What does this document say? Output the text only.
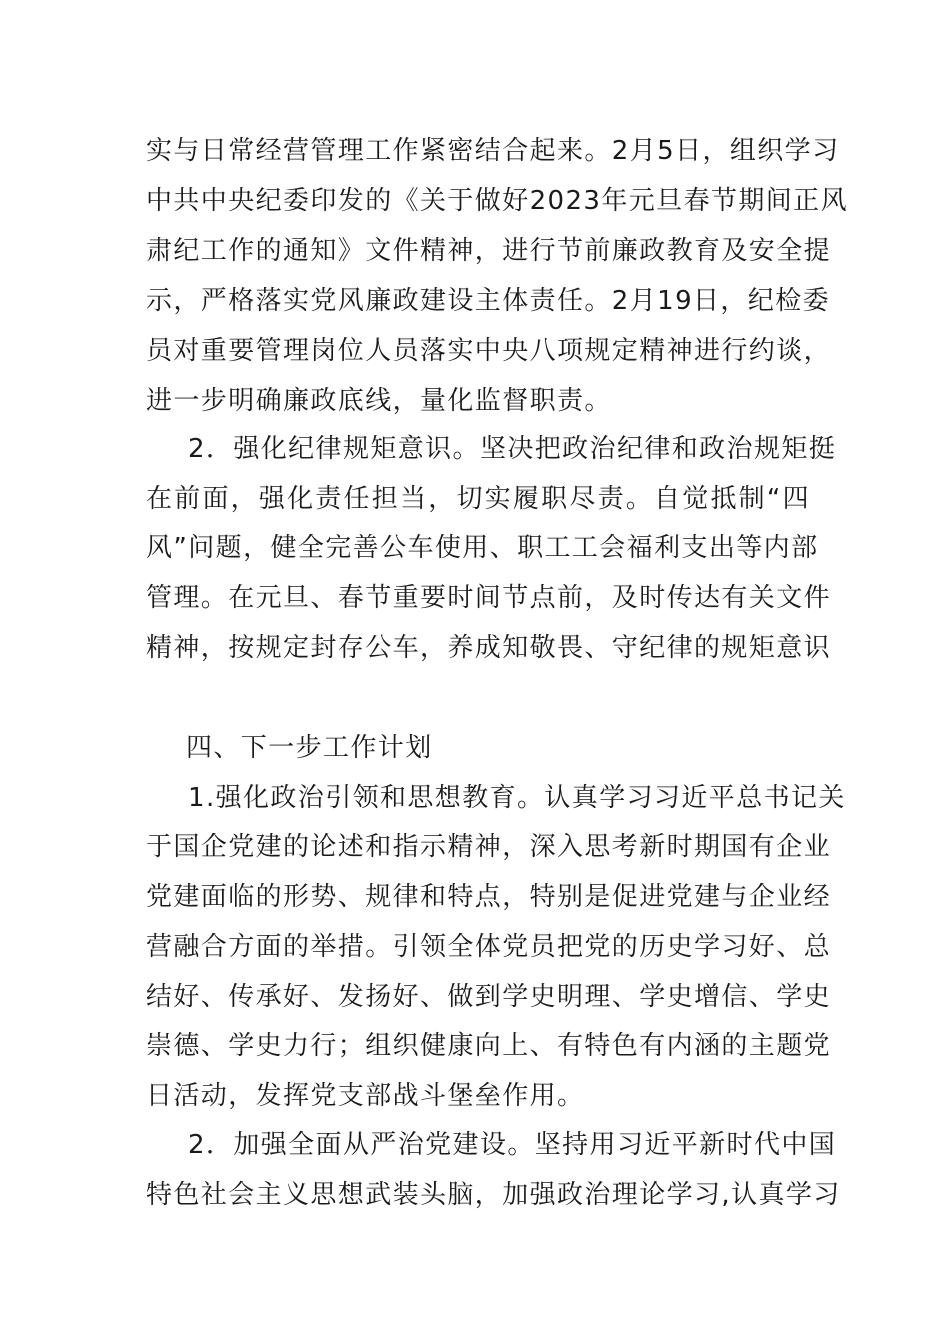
实与日常经营管理工作紧密结合起来。2月5日，组织学习
中共中央纪委印发的《关于做好2023年元旦春节期间正风
肃纪工作的通知》文件精神，进行节前廉政教育及安全提
示，严格落实党风廉政建设主体责任。2月19日，纪检委
员对重要管理岗位人员落实中央八项规定精神进行约谈，
进一步明确廉政底线，量化监督职责。
2．强化纪律规矩意识。坚决把政治纪律和政治规矩挺
在前面，强化责任担当，切实履职尽责。自觉抵制“四
风”问题，健全完善公车使用、职工工会福利支出等内部
管理。在元旦、春节重要时间节点前，及时传达有关文件
精神，按规定封存公车，养成知敬畏、守纪律的规矩意识
四、下一步工作计划
1.强化政治引领和思想教育。认真学习习近平总书记关
于国企党建的论述和指示精神，深入思考新时期国有企业
党建面临的形势、规律和特点，特别是促进党建与企业经
营融合方面的举措。引领全体党员把党的历史学习好、总
结好、传承好、发扬好、做到学史明理、学史增信、学史
崇德、学史力行；组织健康向上、有特色有内涵的主题党
日活动，发挥党支部战斗堡垒作用。
2．加强全面从严治党建设。坚持用习近平新时代中国
特色社会主义思想武装头脑，加强政治理论学习,认真学习
